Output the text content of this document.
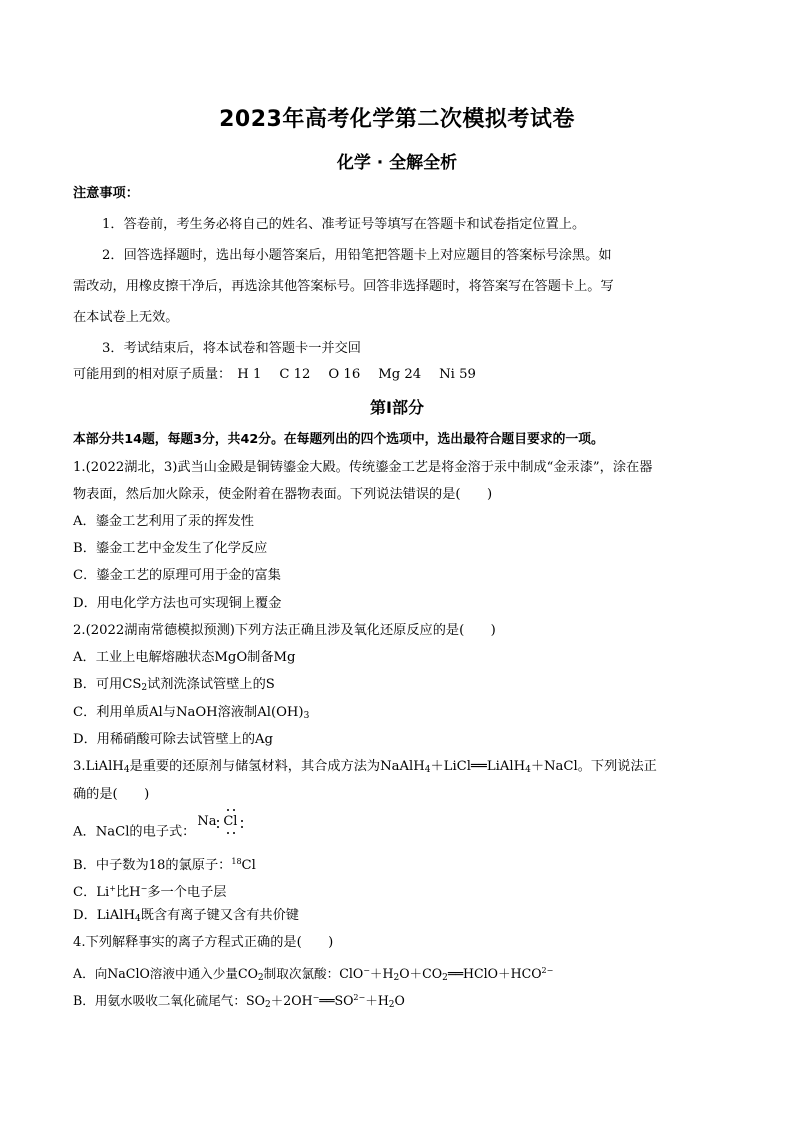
2023年高考化学第二次模拟考试卷
化学 · 全解全析
注意事项：
1．答卷前，考生务必将自己的姓名、准考证号等填写在答题卡和试卷指定位置上。
2．回答选择题时，选出每小题答案后，用铅笔把答题卡上对应题目的答案标号涂黑。如
需改动，用橡皮擦干净后，再选涂其他答案标号。回答非选择题时，将答案写在答题卡上。写
在本试卷上无效。
3．考试结束后，将本试卷和答题卡一并交回
可能用到的相对原子质量： H 1 C 12 O 16 Mg 24 Ni 59
第Ⅰ部分
本部分共14题，每题3分，共42分。在每题列出的四个选项中，选出最符合题目要求的一项。
1.(2022湖北，3)武当山金殿是铜铸鎏金大殿。传统鎏金工艺是将金溶于汞中制成“金汞漆”，涂在器
物表面，然后加火除汞，使金附着在器物表面。下列说法错误的是(　　)
A．鎏金工艺利用了汞的挥发性
B．鎏金工艺中金发生了化学反应
C．鎏金工艺的原理可用于金的富集
D．用电化学方法也可实现铜上覆金
2.(2022湖南常德模拟预测)下列方法正确且涉及氧化还原反应的是(　　)
A．工业上电解熔融状态MgO制备Mg
B．可用$CS_2$试剂洗涤试管壁上的S
C．利用单质Al与NaOH溶液制$Al(OH)_3$
D．用稀硝酸可除去试管壁上的Ag
3.LiAlH$_4$是重要的还原剂与储氢材料，其合成方法为NaAlH$_4$＋LiCl══LiAlH$_4$＋NaCl。下列说法正
确的是(　　)
A．NaCl的电子式：
Na Cl
B．中子数为18的氯原子：$^{18}$Cl
C．Li+比H−多一个电子层
D．LiAlH$_4$既含有离子键又含有共价键
4.下列解释事实的离子方程式正确的是(　　)
A．向NaClO溶液中通入少量$CO_2$制取次氯酸：$ClO^-+H_2O+CO_2══HClO+HCO^{2-}$
B．用氨水吸收二氧化硫尾气：$SO_2+2OH^-══SO^{2-}+H_2O$
